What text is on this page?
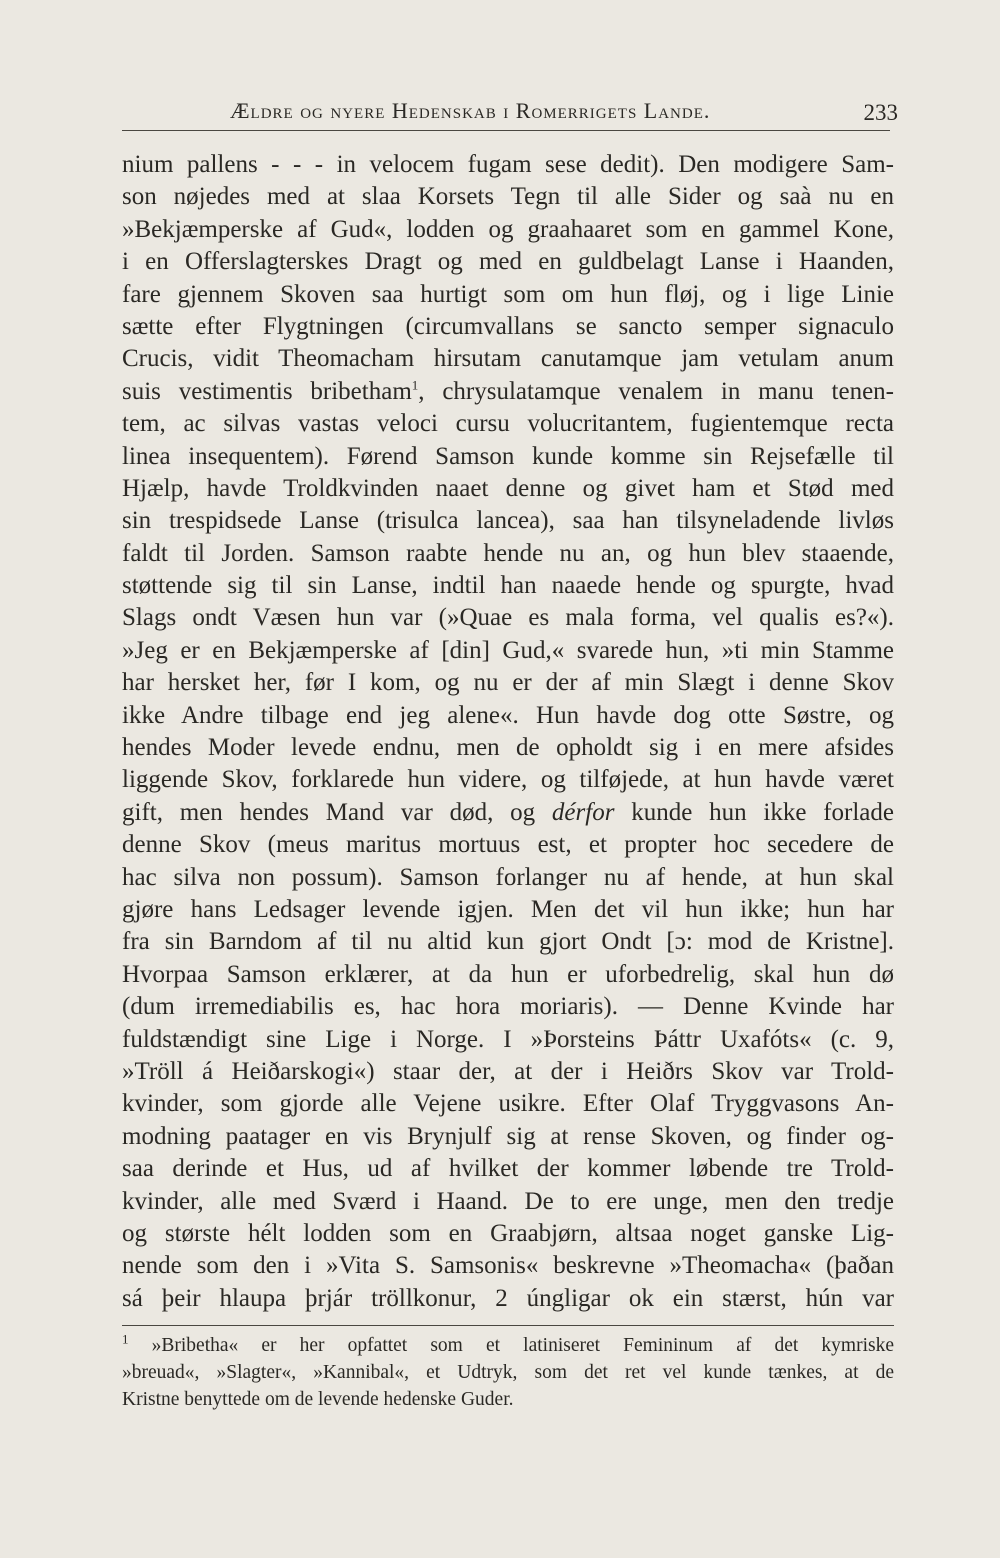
Ældre og nyere Hedenskab i Romerrigets Lande.	233
nium pallens - - - in velocem fugam sese dedit). Den modigere Sam-
son nøjedes med at slaa Korsets Tegn til alle Sider og saà nu en
»Bekjæmperske af Gud«, lodden og graahaaret som en gammel Kone,
i en Offerslagterskes Dragt og med en guldbelagt Lanse i Haanden,
fare gjennem Skoven saa hurtigt som om hun fløj, og i lige Linie
sætte efter Flygtningen (circumvallans se sancto semper signaculo
Crucis, vidit Theomacham hirsutam canutamque jam vetulam anum
suis vestimentis bribetham$^1$, chrysulatamque venalem in manu tenen-
tem, ac silvas vastas veloci cursu volucritantem, fugientemque recta
linea insequentem). Førend Samson kunde komme sin Rejsefælle til
Hjælp, havde Troldkvinden naaet denne og givet ham et Stød med
sin trespidsede Lanse (trisulca lancea), saa han tilsyneladende livløs
faldt til Jorden. Samson raabte hende nu an, og hun blev staaende,
støttende sig til sin Lanse, indtil han naaede hende og spurgte, hvad
Slags ondt Væsen hun var (»Quae es mala forma, vel qualis es?«).
»Jeg er en Bekjæmperske af [din] Gud,« svarede hun, »ti min Stamme
har hersket her, før I kom, og nu er der af min Slægt i denne Skov
ikke Andre tilbage end jeg alene«. Hun havde dog otte Søstre, og
hendes Moder levede endnu, men de opholdt sig i en mere afsides
liggende Skov, forklarede hun videre, og tilføjede, at hun havde været
gift, men hendes Mand var død, og dérfor kunde hun ikke forlade
denne Skov (meus maritus mortuus est, et propter hoc secedere de
hac silva non possum). Samson forlanger nu af hende, at hun skal
gjøre hans Ledsager levende igjen. Men det vil hun ikke; hun har
fra sin Barndom af til nu altid kun gjort Ondt [ɔ: mod de Kristne].
Hvorpaa Samson erklærer, at da hun er uforbedrelig, skal hun dø
(dum irremediabilis es, hac hora moriaris). — Denne Kvinde har
fuldstændigt sine Lige i Norge. I »Þorsteins Þáttr Uxafóts« (c. 9,
»Tröll á Heiðarskogi«) staar der, at der i Heiðrs Skov var Trold-
kvinder, som gjorde alle Vejene usikre. Efter Olaf Tryggvasons An-
modning paatager en vis Brynjulf sig at rense Skoven, og finder og-
saa derinde et Hus, ud af hvilket der kommer løbende tre Trold-
kvinder, alle med Sværd i Haand. De to ere unge, men den tredje
og største hélt lodden som en Graabjørn, altsaa noget ganske Lig-
nende som den i »Vita S. Samsonis« beskrevne »Theomacha« (þaðan
sá þeir hlaupa þrjár tröllkonur, 2 úngligar ok ein stærst, hún var
$^1$ »Bribetha« er her opfattet som et latiniseret Femininum af det kymriske
»breuad«, »Slagter«, »Kannibal«, et Udtryk, som det ret vel kunde tænkes, at de
Kristne benyttede om de levende hedenske Guder.
